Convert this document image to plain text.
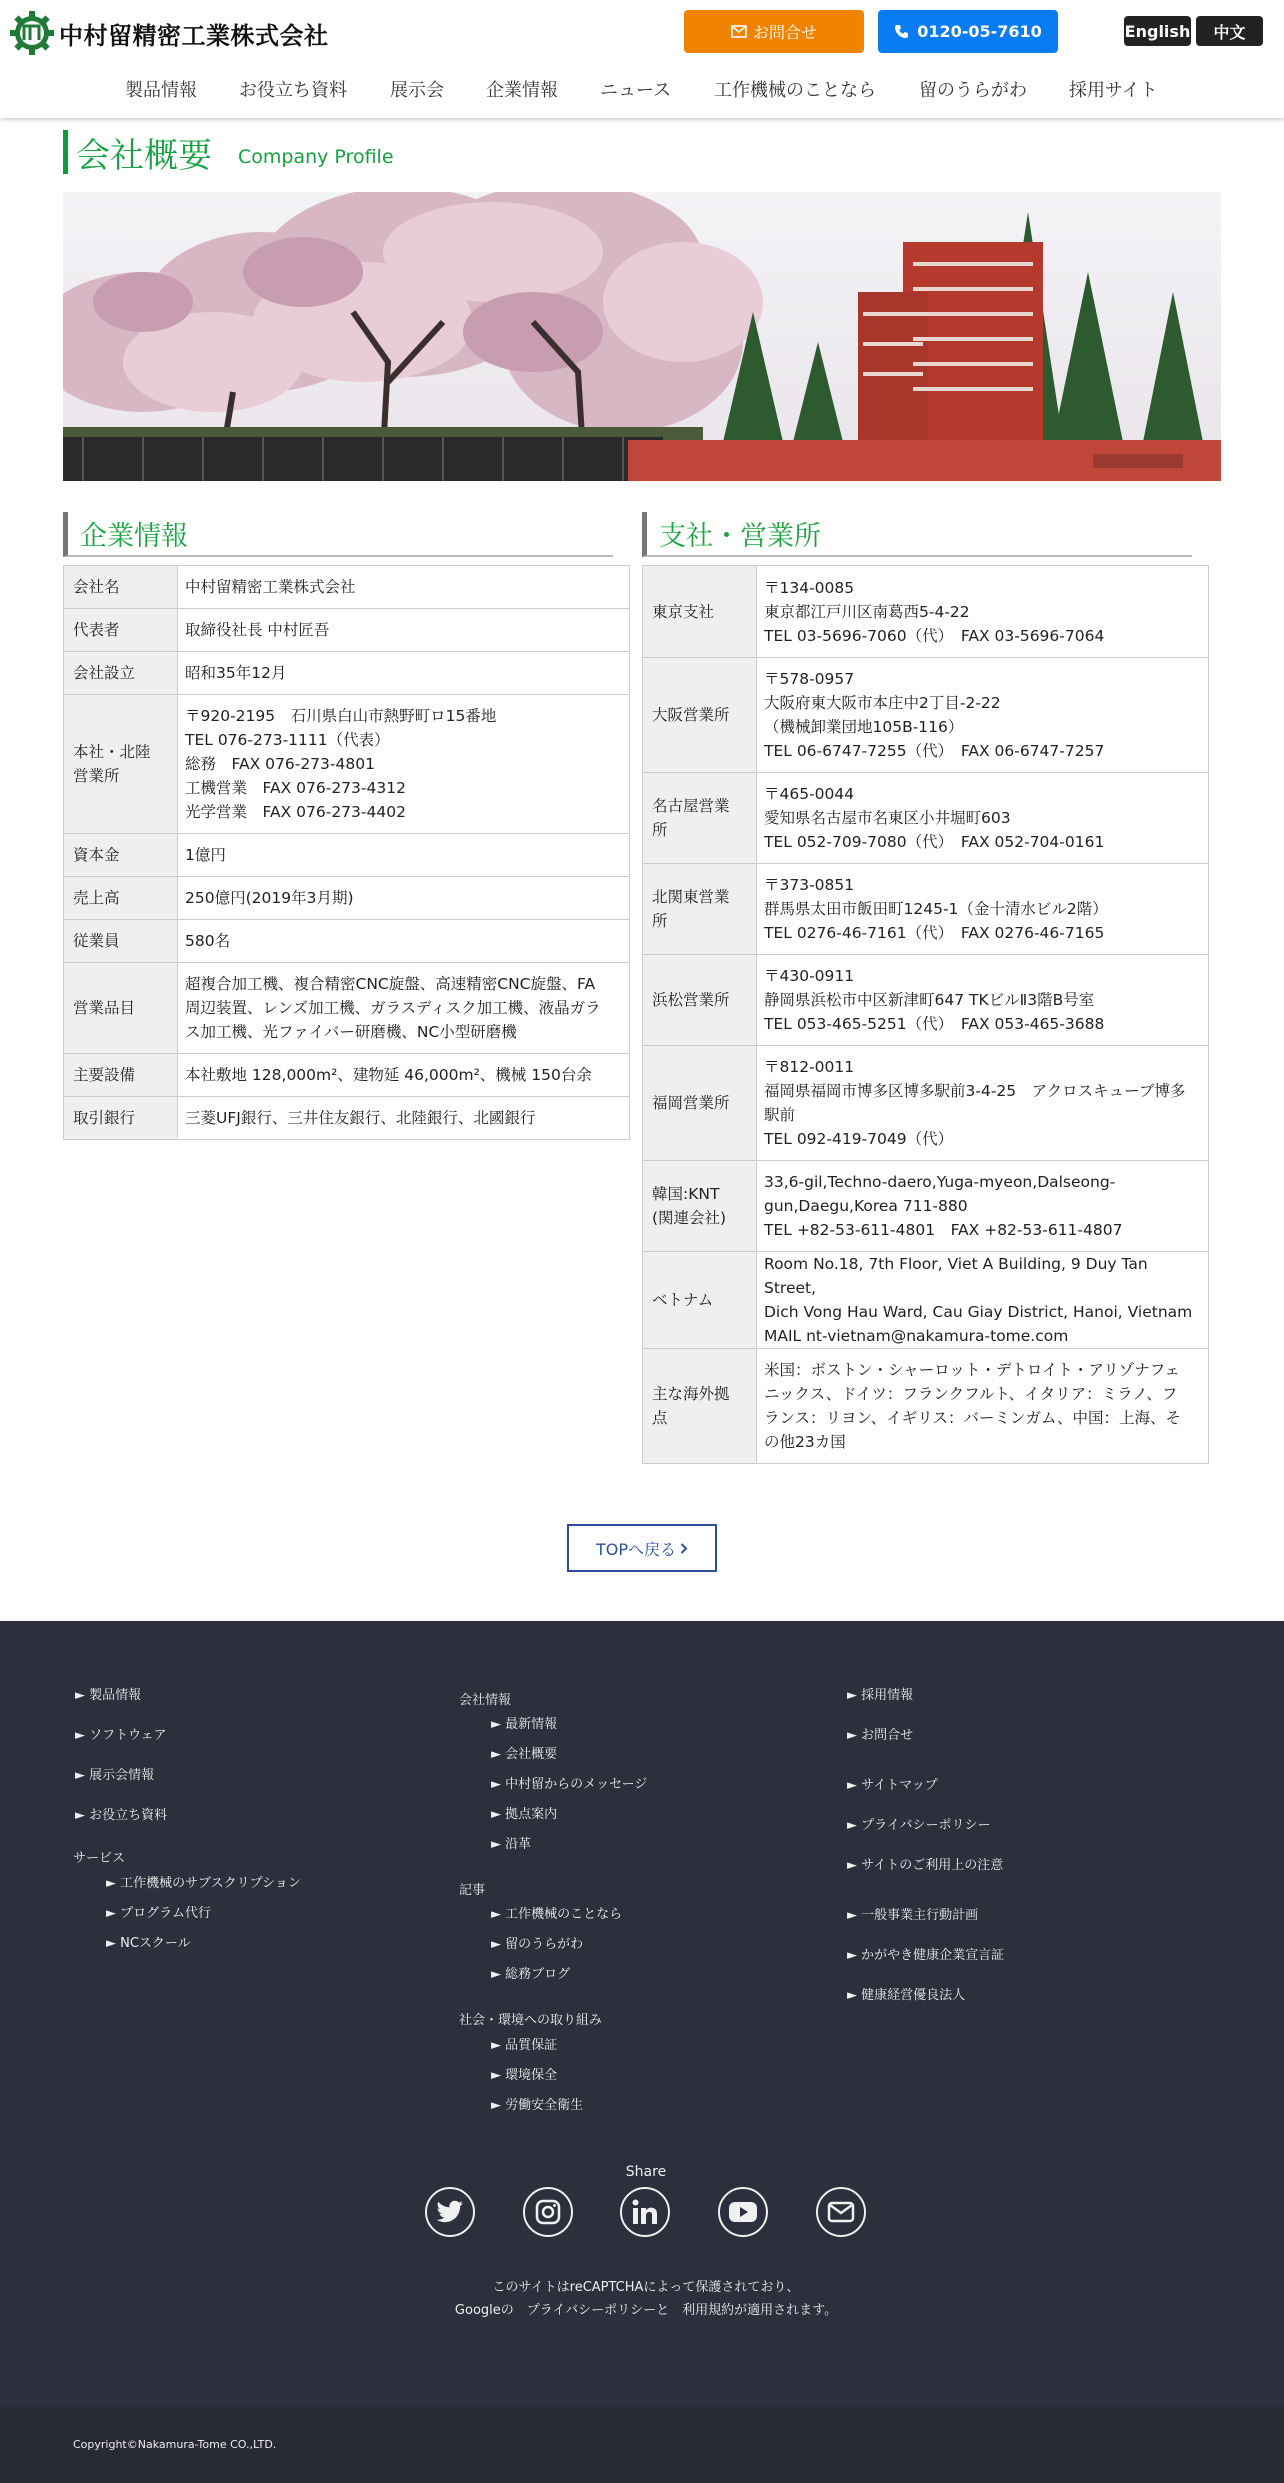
中村留精密工業株式会社	お問合せ	0120-05-7610	English	中文
製品情報 お役立ち資料 展示会 企業情報 ニュース 工作機械のことなら 留のうらがわ 採用サイト
会社概要 Company Profile
企業情報
会社名	中村留精密工業株式会社
代表者	取締役社長 中村匠吾
会社設立	昭和35年12月
本社・北陸
営業所	〒920-2195　石川県白山市熱野町ロ15番地
TEL 076-273-1111（代表）
総務　FAX 076-273-4801
工機営業　FAX 076-273-4312
光学営業　FAX 076-273-4402
資本金	1億円
売上高	250億円(2019年3月期)
従業員	580名
営業品目	超複合加工機、複合精密CNC旋盤、高速精密CNC旋盤、FA
周辺装置、レンズ加工機、ガラスディスク加工機、液晶ガラ
ス加工機、光ファイバー研磨機、NC小型研磨機
主要設備	本社敷地 128,000m²、建物延 46,000m²、機械 150台余
取引銀行	三菱UFJ銀行、三井住友銀行、北陸銀行、北國銀行
支社・営業所
東京支社	〒134-0085
東京都江戸川区南葛西5-4-22
TEL 03-5696-7060（代）　FAX 03-5696-7064
大阪営業所	〒578-0957
大阪府東大阪市本庄中2丁目-2-22
（機械卸業団地105B-116）
TEL 06-6747-7255（代）　FAX 06-6747-7257
名古屋営業
所	〒465-0044
愛知県名古屋市名東区小井堀町603
TEL 052-709-7080（代）　FAX 052-704-0161
北関東営業
所	〒373-0851
群馬県太田市飯田町1245-1（金十清水ビル2階）
TEL 0276-46-7161（代）　FAX 0276-46-7165
浜松営業所	〒430-0911
静岡県浜松市中区新津町647 TKビルⅡ3階B号室
TEL 053-465-5251（代）　FAX 053-465-3688
福岡営業所	〒812-0011
福岡県福岡市博多区博多駅前3-4-25　アクロスキューブ博多
駅前
TEL 092-419-7049（代）
韓国:KNT
(関連会社)	33,6-gil,Techno-daero,Yuga-myeon,Dalseong-
gun,Daegu,Korea 711-880
TEL +82-53-611-4801　FAX +82-53-611-4807
ベトナム	Room No.18, 7th Floor, Viet A Building, 9 Duy Tan Street,
Dich Vong Hau Ward, Cau Giay District, Hanoi, Vietnam
MAIL nt-vietnam@nakamura-tome.com
主な海外拠
点	米国：ボストン・シャーロット・デトロイト・アリゾナフェ
ニックス、ドイツ：フランクフルト、イタリア：ミラノ、フ
ランス：リヨン、イギリス：バーミンガム、中国：上海、そ
の他23カ国
TOPへ戻る
► 製品情報
► ソフトウェア
► 展示会情報
► お役立ち資料
サービス
► 工作機械のサブスクリプション
► プログラム代行
► NCスクール
会社情報
► 最新情報
► 会社概要
► 中村留からのメッセージ
► 拠点案内
► 沿革
記事
► 工作機械のことなら
► 留のうらがわ
► 総務ブログ
社会・環境への取り組み
► 品質保証
► 環境保全
► 労働安全衛生
► 採用情報
► お問合せ
► サイトマップ
► プライバシーポリシー
► サイトのご利用上の注意
► 一般事業主行動計画
► かがやき健康企業宣言証
► 健康経営優良法人
Share
このサイトはreCAPTCHAによって保護されており、
Googleの　プライバシーポリシーと　利用規約が適用されます。
Copyright©Nakamura-Tome CO.,LTD.
